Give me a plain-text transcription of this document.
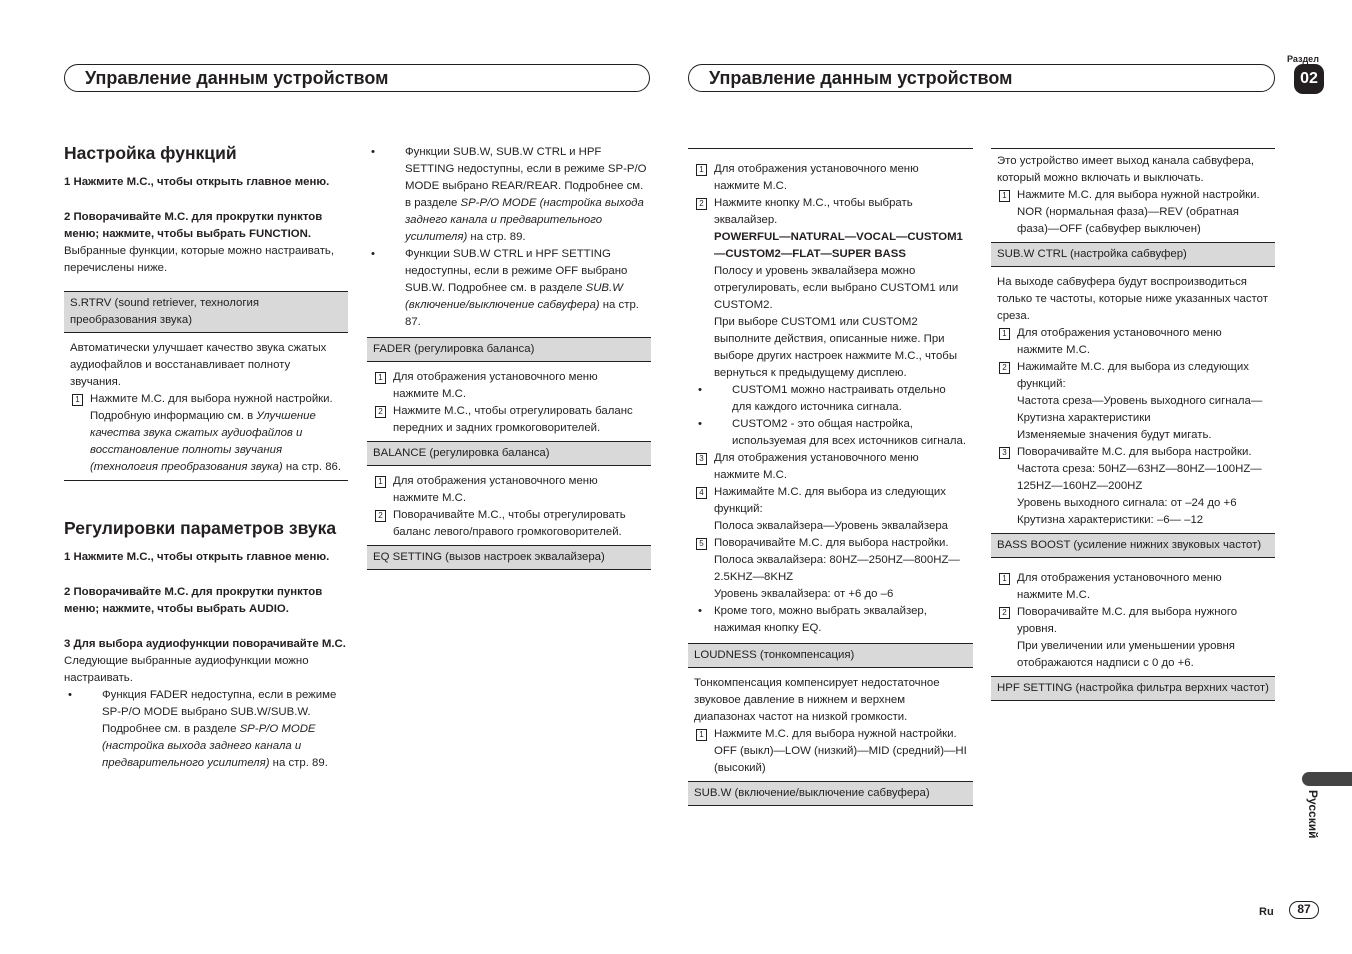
Управление данным устройством	Управление данным устройством
Раздел
02

Настройка функций

1 Нажмите M.C., чтобы открыть главное меню.

2 Поворачивайте M.C. для прокрутки пунктов меню; нажмите, чтобы выбрать FUNCTION.

Выбранные функции, которые можно настраивать, перечислены ниже.

S.RTRV (sound retriever, технология преобразования звука)

Автоматически улучшает качество звука сжатых аудиофайлов и восстанавливает полноту звучания.

1 Нажмите M.C. для выбора нужной настройки.

Подробную информацию см. в Улучшение качества звука сжатых аудиофайлов и восстановление полноты звучания (технология преобразования звука) на стр. 86.

Регулировки параметров звука

1 Нажмите M.C., чтобы открыть главное меню.

2 Поворачивайте M.C. для прокрутки пунктов меню; нажмите, чтобы выбрать AUDIO.

3 Для выбора аудиофункции поворачивайте M.C.

Следующие выбранные аудиофункции можно настраивать.

• Функция FADER недоступна, если в режиме SP-P/O MODE выбрано SUB.W/SUB.W. Подробнее см. в разделе SP-P/O MODE (настройка выхода заднего канала и предварительного усилителя) на стр. 89.

• Функции SUB.W, SUB.W CTRL и HPF SETTING недоступны, если в режиме SP-P/O MODE выбрано REAR/REAR. Подробнее см. в разделе SP-P/O MODE (настройка выхода заднего канала и предварительного усилителя) на стр. 89.

• Функции SUB.W CTRL и HPF SETTING недоступны, если в режиме OFF выбрано SUB.W. Подробнее см. в разделе SUB.W (включение/выключение сабвуфера) на стр. 87.

FADER (регулировка баланса)
1 Для отображения установочного меню нажмите M.C.
2 Нажмите M.C., чтобы отрегулировать баланс передних и задних громкоговорителей.
BALANCE (регулировка баланса)
1 Для отображения установочного меню нажмите M.C.
2 Поворачивайте M.C., чтобы отрегулировать баланс левого/правого громкоговорителей.
EQ SETTING (вызов настроек эквалайзера)
1 Для отображения установочного меню нажмите M.C.
2 Нажмите кнопку M.C., чтобы выбрать эквалайзер.

POWERFUL—NATURAL—VOCAL—CUSTOM1—CUSTOM2—FLAT—SUPER BASS

Полосу и уровень эквалайзера можно отрегулировать, если выбрано CUSTOM1 или CUSTOM2.

При выборе CUSTOM1 или CUSTOM2 выполните действия, описанные ниже. При выборе других настроек нажмите M.C., чтобы вернуться к предыдущему дисплею.

• CUSTOM1 можно настраивать отдельно для каждого источника сигнала.

• CUSTOM2 - это общая настройка, используемая для всех источников сигнала.

3 Для отображения установочного меню нажмите M.C.
4 Нажимайте M.C. для выбора из следующих функций:

Полоса эквалайзера—Уровень эквалайзера

5 Поворачивайте M.C. для выбора настройки.

Полоса эквалайзера: 80HZ—250HZ—800HZ—2.5KHZ—8KHZ

Уровень эквалайзера: от +6 до –6

• Кроме того, можно выбрать эквалайзер, нажимая кнопку EQ.

LOUDNESS (тонкомпенсация)

Тонкомпенсация компенсирует недостаточное звуковое давление в нижнем и верхнем диапазонах частот на низкой громкости.

1 Нажмите M.C. для выбора нужной настройки.

OFF (выкл)—LOW (низкий)—MID (средний)—HI (высокий)

SUB.W (включение/выключение сабвуфера)

Это устройство имеет выход канала сабвуфера, который можно включать и выключать.

1 Нажмите M.C. для выбора нужной настройки.

NOR (нормальная фаза)—REV (обратная фаза)—OFF (сабвуфер выключен)

SUB.W CTRL (настройка сабвуфер)

На выходе сабвуфера будут воспроизводиться только те частоты, которые ниже указанных частот среза.

1 Для отображения установочного меню нажмите M.C.
2 Нажимайте M.C. для выбора из следующих функций:

Частота среза—Уровень выходного сигнала—Крутизна характеристики

Изменяемые значения будут мигать.

3 Поворачивайте M.C. для выбора настройки.

Частота среза: 50HZ—63HZ—80HZ—100HZ—125HZ—160HZ—200HZ

Уровень выходного сигнала: от –24 до +6

Крутизна характеристики: –6— –12

BASS BOOST (усиление нижних звуковых частот)
1 Для отображения установочного меню нажмите M.C.
2 Поворачивайте M.C. для выбора нужного уровня.

При увеличении или уменьшении уровня отображаются надписи с 0 до +6.

HPF SETTING (настройка фильтра верхних частот)
Русский
Ru	87
